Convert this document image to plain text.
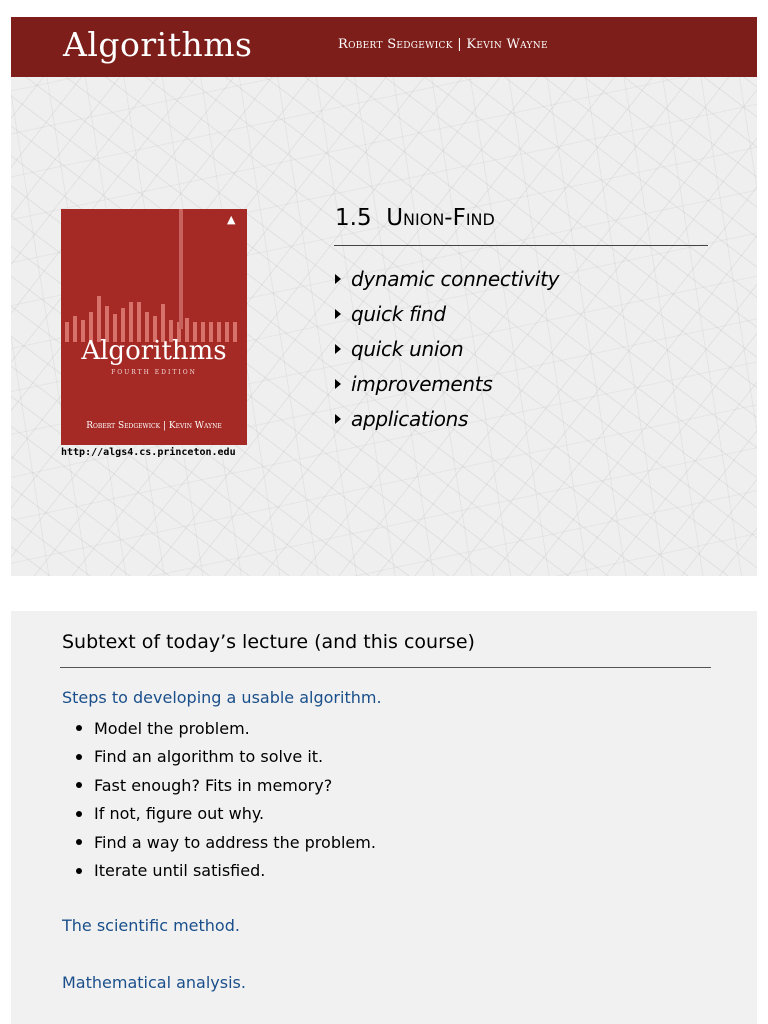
Algorithms	Robert Sedgewick | Kevin Wayne
▲
Algorithms
FOURTH EDITION
Robert Sedgewick | Kevin Wayne
http://algs4.cs.princeton.edu
1.5 Union-Find
dynamic connectivity
quick find
quick union
improvements
applications
Subtext of today’s lecture (and this course)
Steps to developing a usable algorithm.
Model the problem.
Find an algorithm to solve it.
Fast enough? Fits in memory?
If not, figure out why.
Find a way to address the problem.
Iterate until satisfied.
The scientific method.
Mathematical analysis.
